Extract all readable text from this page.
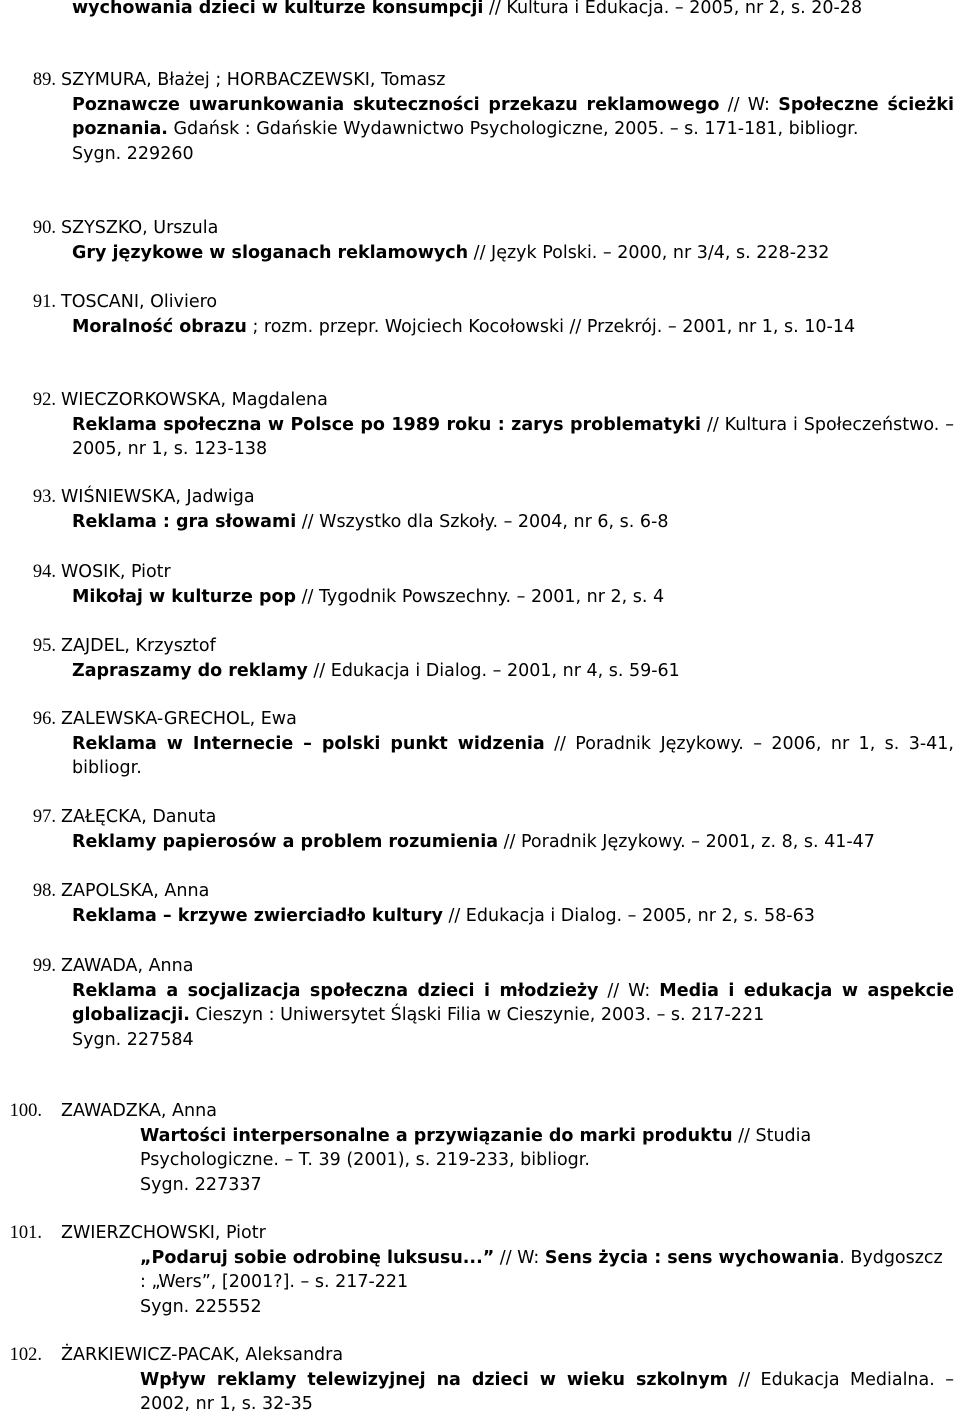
wychowania dzieci w kulturze konsumpcji // Kultura i Edukacja. – 2005, nr 2, s. 20-28
89. SZYMURA, Błażej ; HORBACZEWSKI, Tomasz
Poznawcze uwarunkowania skuteczności przekazu reklamowego // W: Społeczne ścieżki poznania. Gdańsk : Gdańskie Wydawnictwo Psychologiczne, 2005. – s. 171-181, bibliogr.
Sygn. 229260
90. SZYSZKO, Urszula
Gry językowe w sloganach reklamowych // Język Polski. – 2000, nr 3/4, s. 228-232
91. TOSCANI, Oliviero
Moralność obrazu ; rozm. przepr. Wojciech Kocołowski // Przekrój. – 2001, nr 1, s. 10-14
92. WIECZORKOWSKA, Magdalena
Reklama społeczna w Polsce po 1989 roku : zarys problematyki // Kultura i Społeczeństwo. – 2005, nr 1, s. 123-138
93. WIŚNIEWSKA, Jadwiga
Reklama : gra słowami // Wszystko dla Szkoły. – 2004, nr 6, s. 6-8
94. WOSIK, Piotr
Mikołaj w kulturze pop // Tygodnik Powszechny. – 2001, nr 2, s. 4
95. ZAJDEL, Krzysztof
Zapraszamy do reklamy // Edukacja i Dialog. – 2001, nr 4, s. 59-61
96. ZALEWSKA-GRECHOL, Ewa
Reklama w Internecie – polski punkt widzenia // Poradnik Językowy. – 2006, nr 1, s. 3-41, bibliogr.
97. ZAŁĘCKA, Danuta
Reklamy papierosów a problem rozumienia // Poradnik Językowy. – 2001, z. 8, s. 41-47
98. ZAPOLSKA, Anna
Reklama – krzywe zwierciadło kultury // Edukacja i Dialog. – 2005, nr 2, s. 58-63
99. ZAWADA, Anna
Reklama a socjalizacja społeczna dzieci i młodzieży // W: Media i edukacja w aspekcie globalizacji. Cieszyn : Uniwersytet Śląski Filia w Cieszynie, 2003. – s. 217-221
Sygn. 227584
100. ZAWADZKA, Anna
Wartości interpersonalne a przywiązanie do marki produktu // Studia Psychologiczne. – T. 39 (2001), s. 219-233, bibliogr.
Sygn. 227337
101. ZWIERZCHOWSKI, Piotr
„Podaruj sobie odrobinę luksusu...” // W: Sens życia : sens wychowania. Bydgoszcz : „Wers”, [2001?]. – s. 217-221
Sygn. 225552
102. ŻARKIEWICZ-PACAK, Aleksandra
Wpływ reklamy telewizyjnej na dzieci w wieku szkolnym // Edukacja Medialna. – 2002, nr 1, s. 32-35
